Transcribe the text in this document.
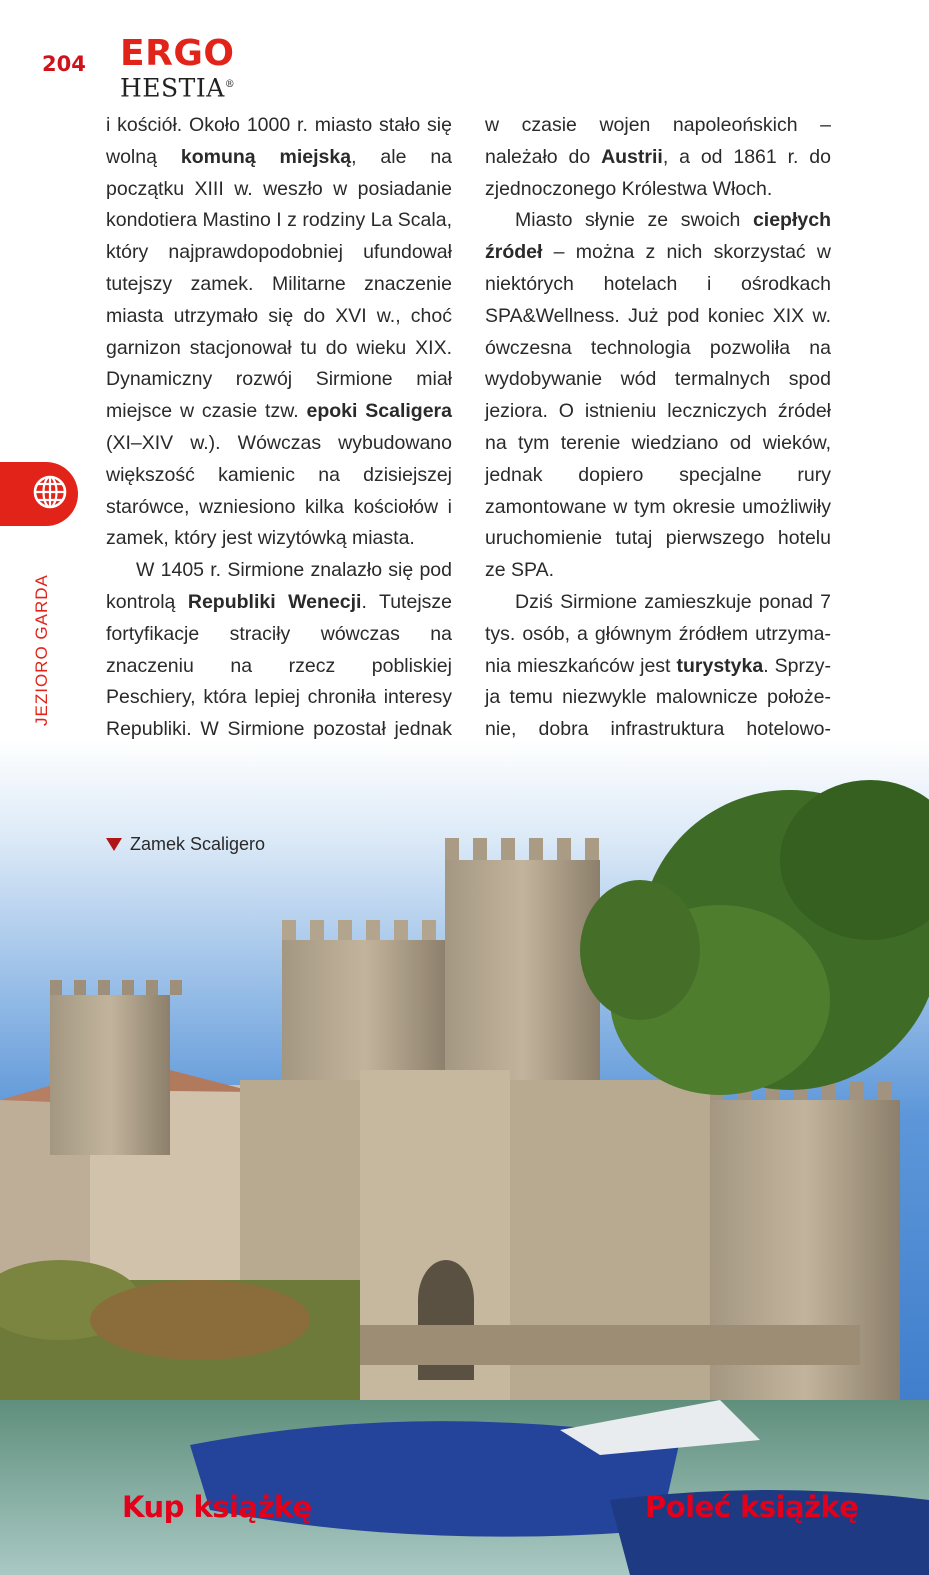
204 ERGO
HESTIA®
JEZIORO GARDA

i kościół. Około 1000 r. miasto stało się wolną komuną miejską, ale na początku XIII w. weszło w posiadanie kondotiera Mastino I z rodziny La Scala, który najprawdopodobniej ufundował tutejszy zamek. Militarne znaczenie miasta utrzymało się do XVI w., choć garnizon stacjonował tu do wieku XIX. Dynamiczny rozwój Sirmione miał miejsce w czasie tzw. epoki Scaligera (XI–XIV w.). Wówczas wybudowano większość kamienic na dzisiejszej starówce, wzniesiono kilka kościołów i zamek, który jest wizytówką miasta.

W 1405 r. Sirmione znalazło się pod kontrolą Republiki Wenecji. Tutejsze fortyfikacje straciły wówczas na znaczeniu na rzecz pobliskiej Peschiery, która lepiej chroniła interesy Republiki. W Sirmione pozostał jednak

w czasie wojen napoleońskich – należało do Austrii, a od 1861 r. do zjednoczonego Królestwa Włoch.

Miasto słynie ze swoich ciepłych źródeł – można z nich skorzystać w niektórych hotelach i ośrodkach SPA&Wellness. Już pod koniec XIX w. ówczesna technologia pozwoliła na wydobywanie wód termalnych spod jeziora. O istnieniu leczniczych źródeł na tym terenie wiedziano od wieków, jednak dopiero specjalne rury zamontowane w tym okresie umożliwiły uruchomienie tutaj pierwszego hotelu ze SPA.

Dziś Sirmione zamieszkuje ponad 7 tys. osób, a głównym źródłem utrzymania mieszkańców jest turystyka. Sprzyja temu niezwykle malownicze położenie, dobra infrastruktura hotelowo-

Zamek Scaligero
Kup książkę	Poleć książkę
